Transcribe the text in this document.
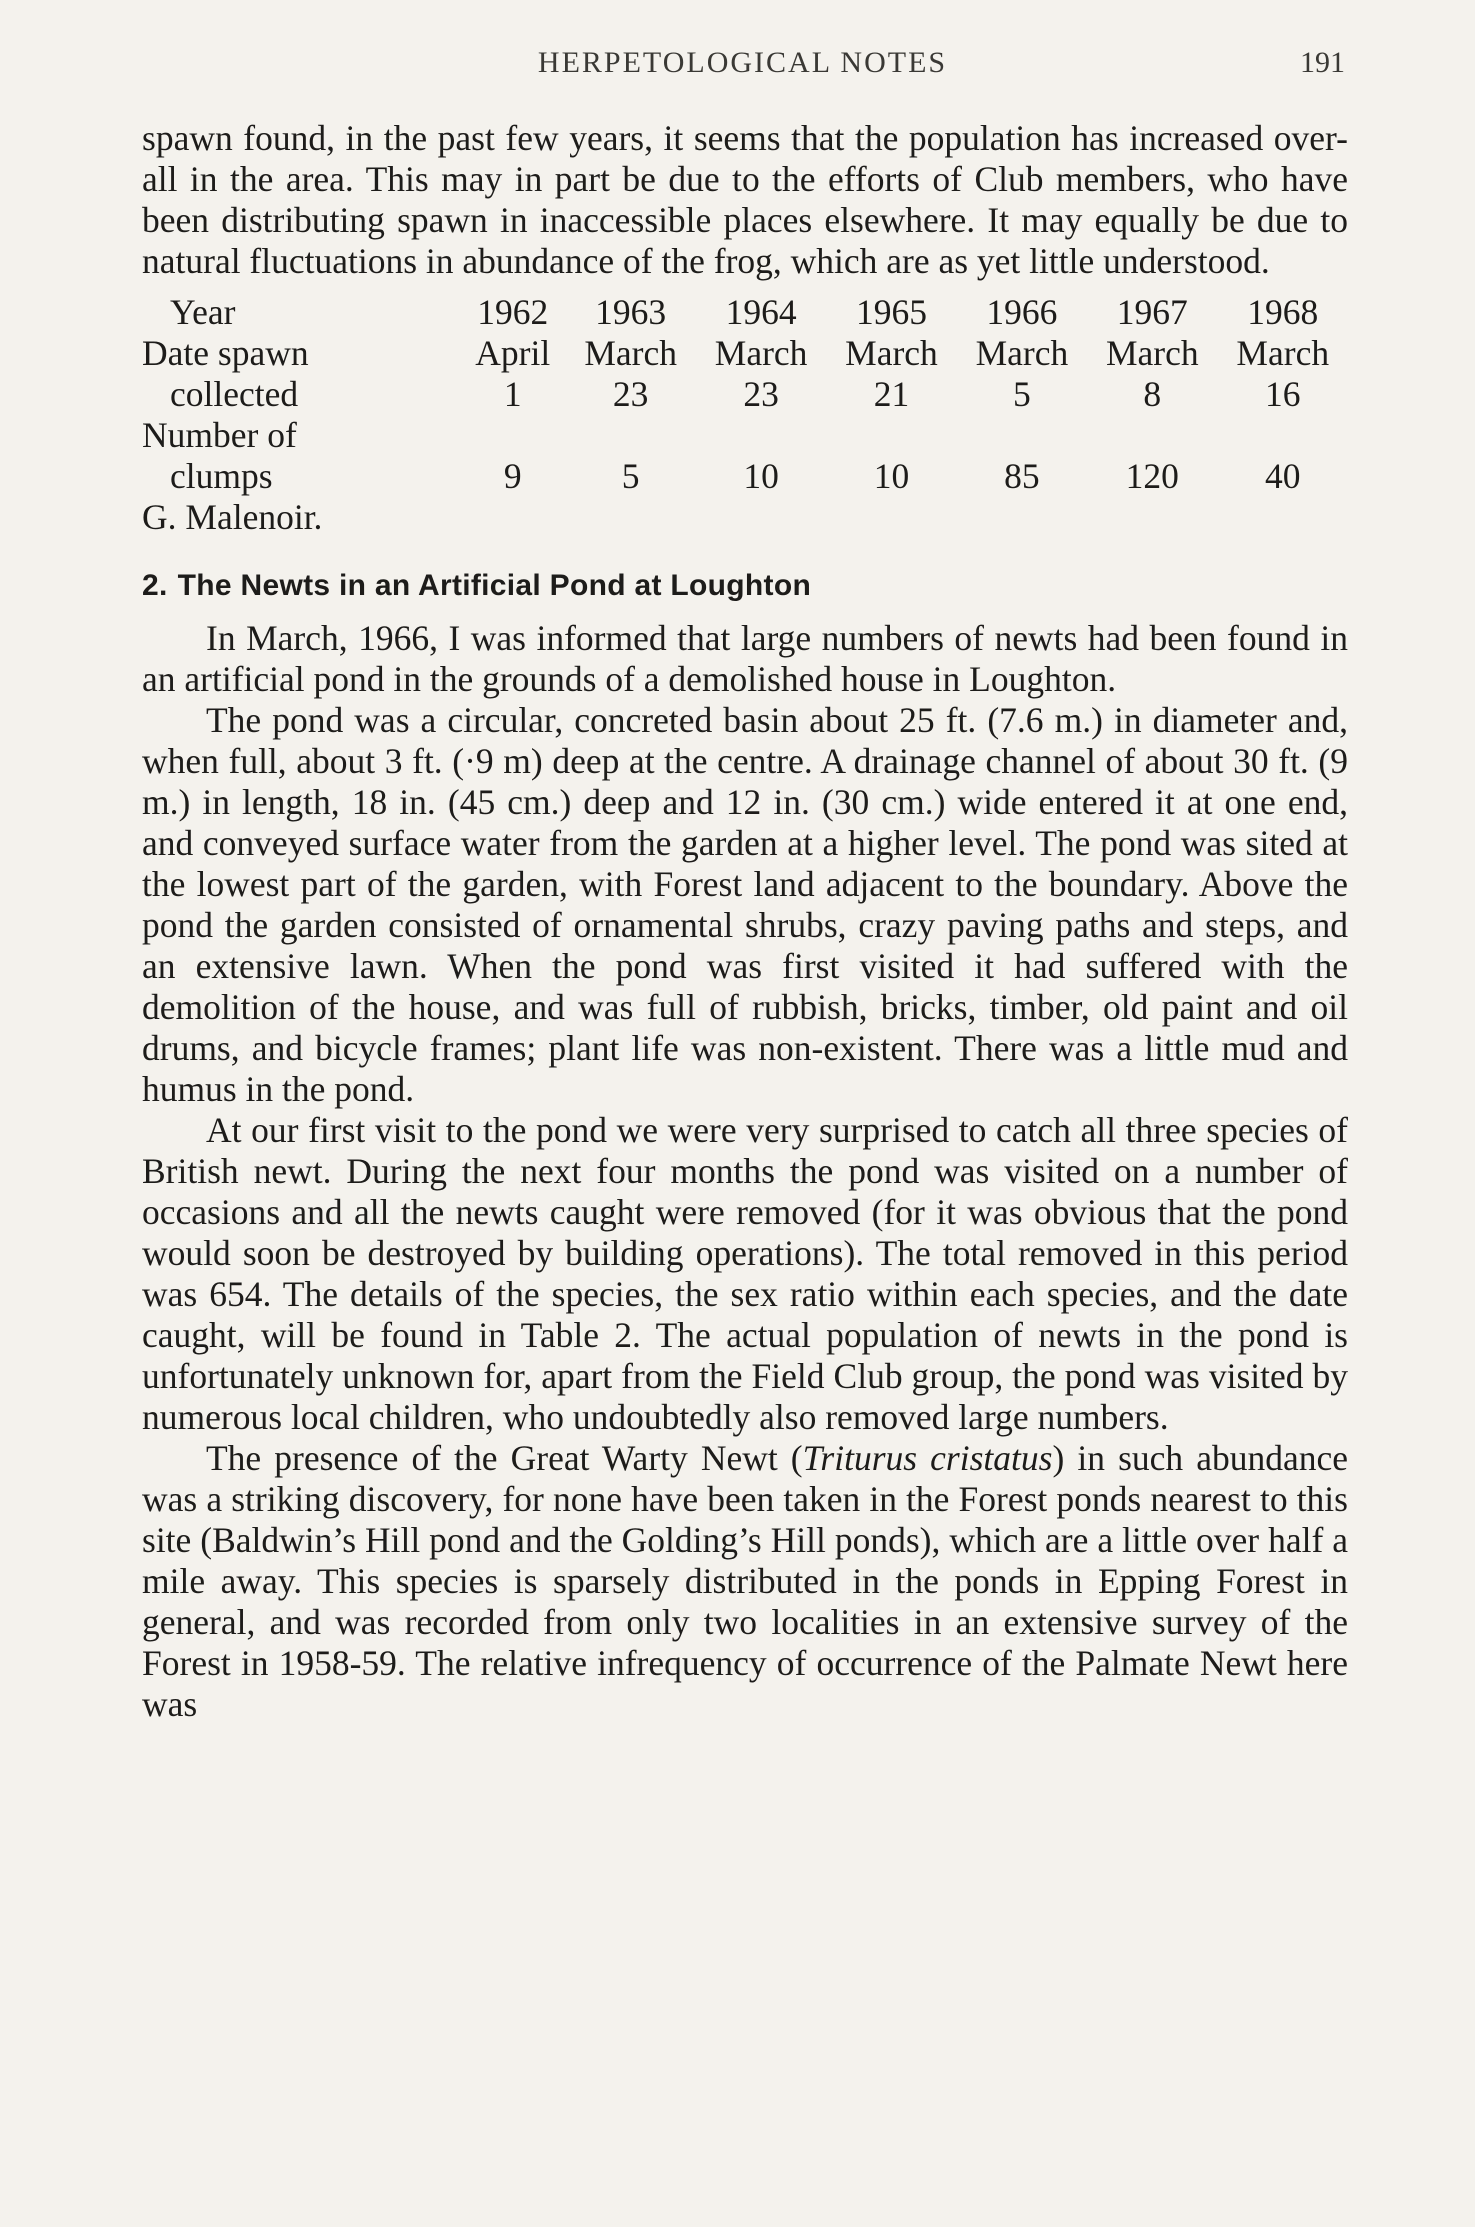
HERPETOLOGICAL NOTES	191

spawn found, in the past few years, it seems that the population has increased over-all in the area. This may in part be due to the efforts of Club members, who have been distributing spawn in inaccessible places elsewhere. It may equally be due to natural fluctuations in abundance of the frog, which are as yet little understood.

Year	1962	1963	1964	1965	1966	1967	1968
Date spawn	April	March	March	March	March	March	March
collected	1	23	23	21	5	8	16
Number of							
clumps	9	5	10	10	85	120	40

G. Malenoir.

2. The Newts in an Artificial Pond at Loughton

In March, 1966, I was informed that large numbers of newts had been found in an artificial pond in the grounds of a demolished house in Loughton.

The pond was a circular, concreted basin about 25 ft. (7.6 m.) in diameter and, when full, about 3 ft. (·9 m) deep at the centre. A drainage channel of about 30 ft. (9 m.) in length, 18 in. (45 cm.) deep and 12 in. (30 cm.) wide entered it at one end, and conveyed surface water from the garden at a higher level. The pond was sited at the lowest part of the garden, with Forest land adjacent to the boundary. Above the pond the garden consisted of ornamental shrubs, crazy paving paths and steps, and an extensive lawn. When the pond was first visited it had suffered with the demolition of the house, and was full of rubbish, bricks, timber, old paint and oil drums, and bicycle frames; plant life was non-existent. There was a little mud and humus in the pond.

At our first visit to the pond we were very surprised to catch all three species of British newt. During the next four months the pond was visited on a number of occasions and all the newts caught were removed (for it was obvious that the pond would soon be destroyed by building operations). The total removed in this period was 654. The details of the species, the sex ratio within each species, and the date caught, will be found in Table 2. The actual population of newts in the pond is unfortunately unknown for, apart from the Field Club group, the pond was visited by numerous local children, who undoubtedly also removed large numbers.

The presence of the Great Warty Newt (Triturus cristatus) in such abundance was a striking discovery, for none have been taken in the Forest ponds nearest to this site (Baldwin’s Hill pond and the Golding’s Hill ponds), which are a little over half a mile away. This species is sparsely distributed in the ponds in Epping Forest in general, and was recorded from only two localities in an extensive survey of the Forest in 1958-59. The relative infrequency of occurrence of the Palmate Newt here was
